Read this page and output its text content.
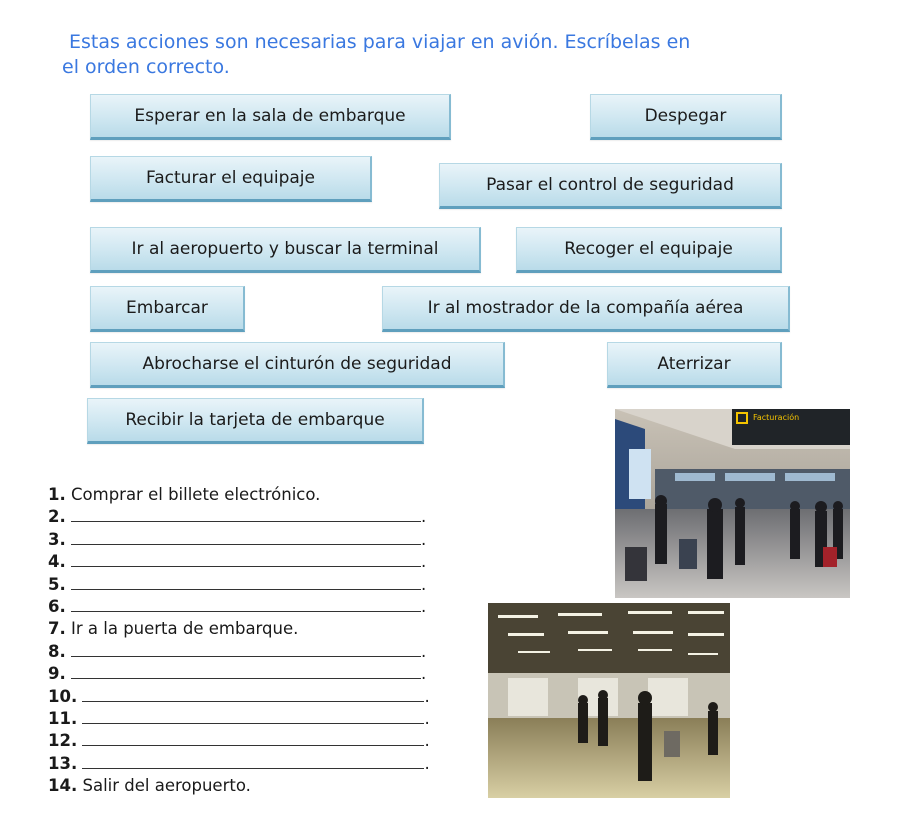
Estas acciones son necesarias para viajar en avión. Escríbelas en
el orden correcto.
Esperar en la sala de embarque	Despegar
Facturar el equipaje	Pasar el control de seguridad
Ir al aeropuerto y buscar la terminal	Recoger el equipaje
Embarcar	Ir al mostrador de la compañía aérea
Abrocharse el cinturón de seguridad	Aterrizar
Recibir la tarjeta de embarque
1. Comprar el billete electrónico.
2.	.
3.	.
4.	.
5.	.
6.	.
7. Ir a la puerta de embarque.
8.	.
9.	.
10.	.
11.	.
12.	.
13.	.
14. Salir del aeropuerto.
Facturación
